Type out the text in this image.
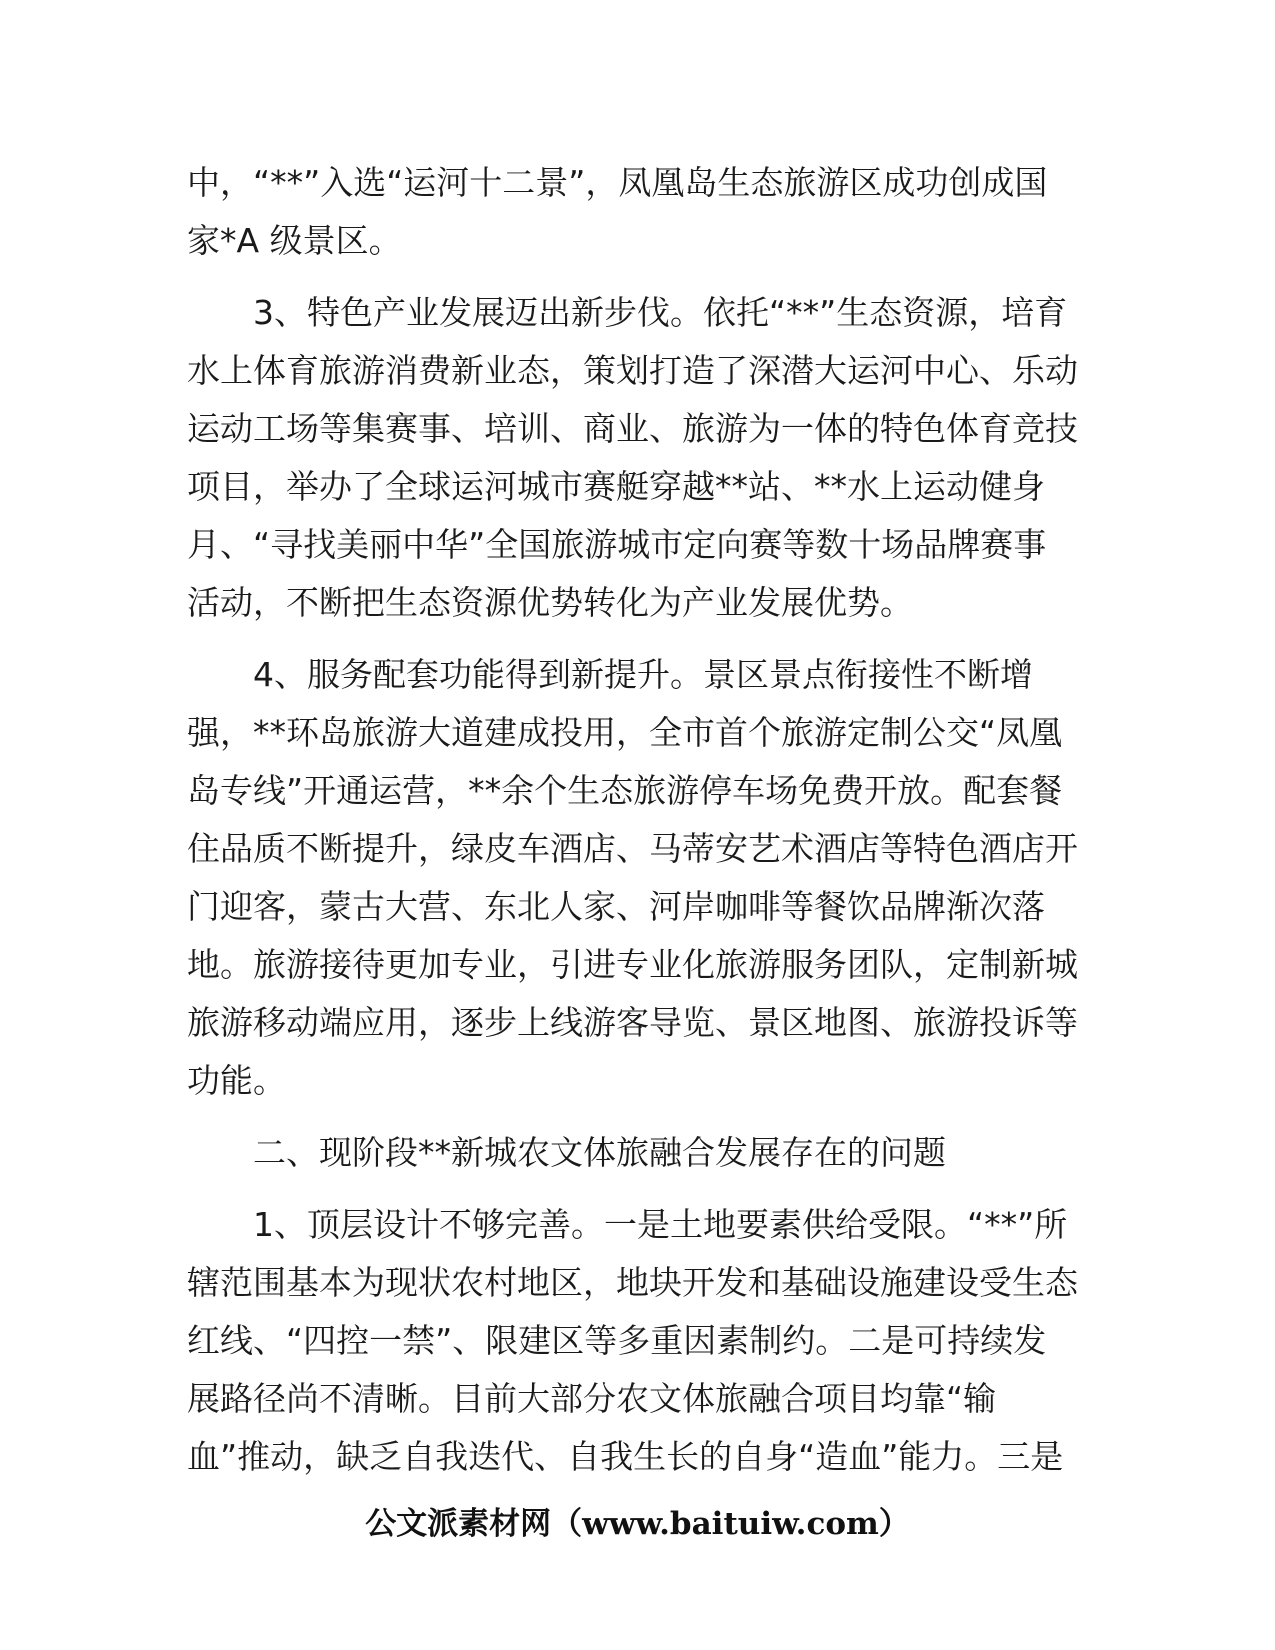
中，“**”入选“运河十二景”，凤凰岛生态旅游区成功创成国
家*A 级景区。
3、特色产业发展迈出新步伐。依托“**”生态资源，培育
水上体育旅游消费新业态，策划打造了深潜大运河中心、乐动
运动工场等集赛事、培训、商业、旅游为一体的特色体育竞技
项目，举办了全球运河城市赛艇穿越**站、**水上运动健身
月、“寻找美丽中华”全国旅游城市定向赛等数十场品牌赛事
活动，不断把生态资源优势转化为产业发展优势。
4、服务配套功能得到新提升。景区景点衔接性不断增
强，**环岛旅游大道建成投用，全市首个旅游定制公交“凤凰
岛专线”开通运营，**余个生态旅游停车场免费开放。配套餐
住品质不断提升，绿皮车酒店、马蒂安艺术酒店等特色酒店开
门迎客，蒙古大营、东北人家、河岸咖啡等餐饮品牌渐次落
地。旅游接待更加专业，引进专业化旅游服务团队，定制新城
旅游移动端应用，逐步上线游客导览、景区地图、旅游投诉等
功能。
二、现阶段**新城农文体旅融合发展存在的问题
1、顶层设计不够完善。一是土地要素供给受限。“**”所
辖范围基本为现状农村地区，地块开发和基础设施建设受生态
红线、“四控一禁”、限建区等多重因素制约。二是可持续发
展路径尚不清晰。目前大部分农文体旅融合项目均靠“输
血”推动，缺乏自我迭代、自我生长的自身“造血”能力。三是
公文派素材网（www.baituiw.com）
